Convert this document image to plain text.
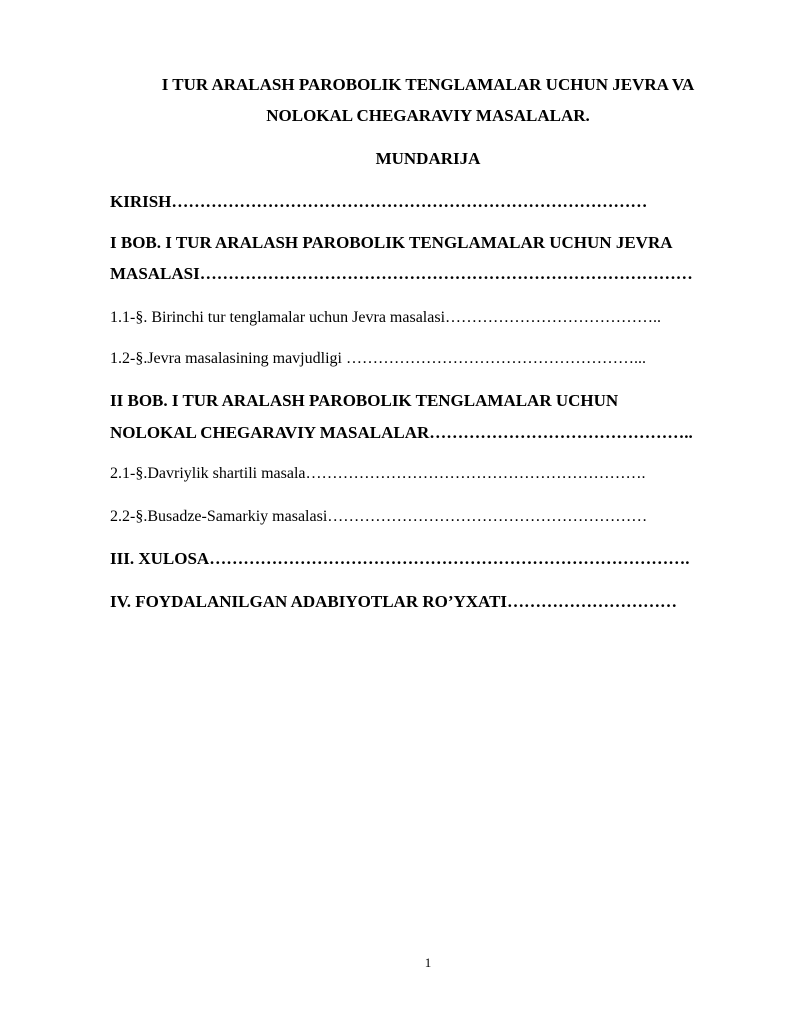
I TUR ARALASH PAROBOLIK TENGLAMALAR UCHUN JEVRA VA
NOLOKAL CHEGARAVIY MASALALAR.
MUNDARIJA
KIRISH…………………………………………………………………………
I BOB. I TUR ARALASH PAROBOLIK TENGLAMALAR UCHUN JEVRA
MASALASI……………………………………………………………………………
1.1-§. Birinchi tur tenglamalar uchun Jevra masalasi…………………………………..
1.2-§.Jevra masalasining mavjudligi ………………………………………………...
II BOB. I TUR ARALASH PAROBOLIK TENGLAMALAR UCHUN
NOLOKAL CHEGARAVIY MASALALAR………………………………………..
2.1-§.Davriylik shartili masala……………………………………………………….
2.2-§.Busadze-Samarkiy masalasi……………………………………………………
III. XULOSA………………………………………………………………………….
IV. FOYDALANILGAN ADABIYOTLAR RO’YXATI…………………………
1
